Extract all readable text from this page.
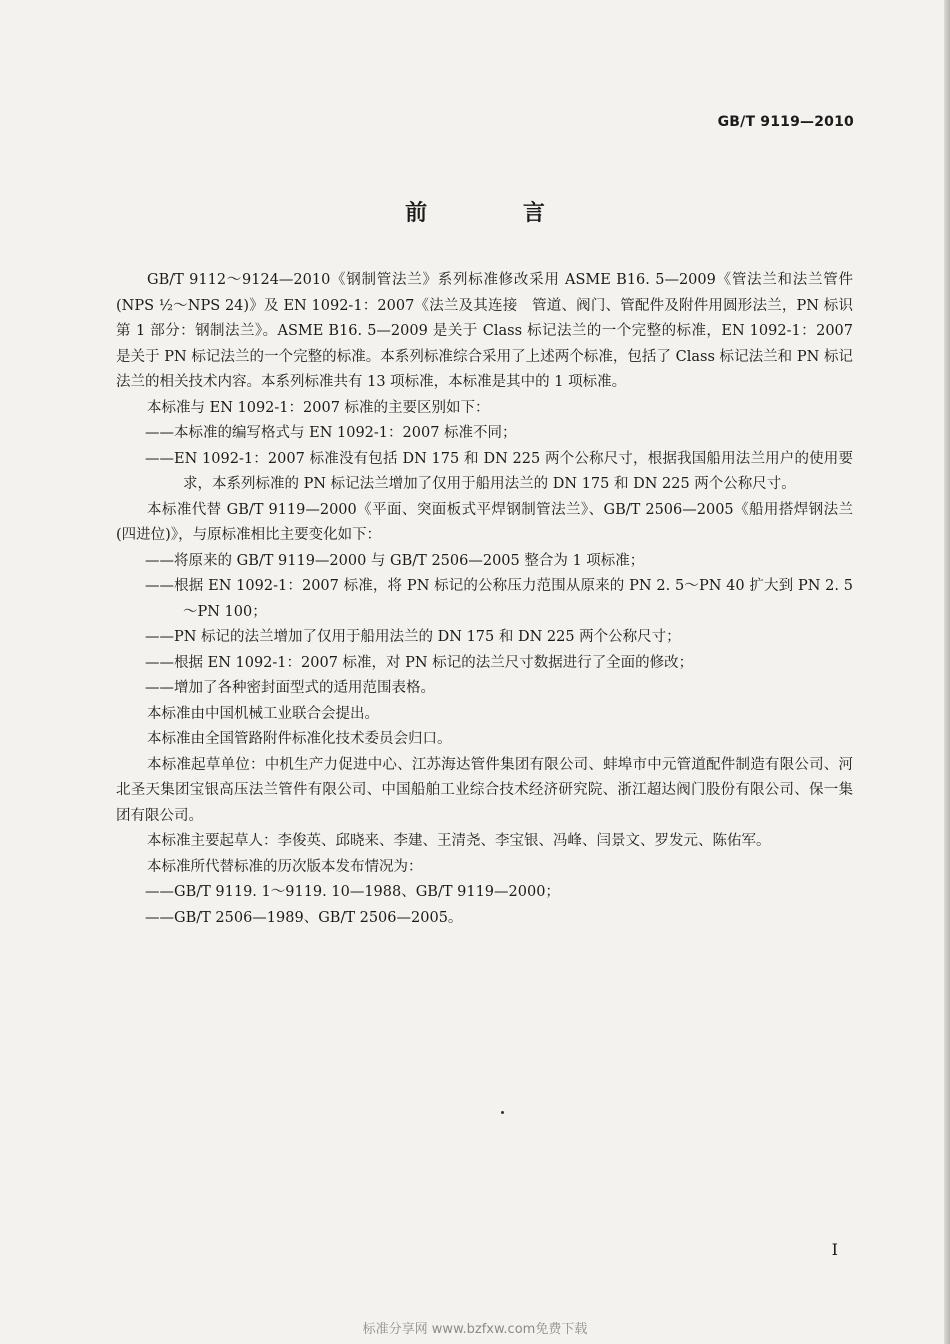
GB/T 9119—2010
前 言

GB/T 9112～9124—2010《钢制管法兰》系列标准修改采用 ASME B16. 5—2009《管法兰和法兰管件(NPS ½～NPS 24)》及 EN 1092-1：2007《法兰及其连接　管道、阀门、管配件及附件用圆形法兰，PN 标识第 1 部分：钢制法兰》。ASME B16. 5—2009 是关于 Class 标记法兰的一个完整的标准，EN 1092-1：2007 是关于 PN 标记法兰的一个完整的标准。本系列标准综合采用了上述两个标准，包括了 Class 标记法兰和 PN 标记法兰的相关技术内容。本系列标准共有 13 项标准，本标准是其中的 1 项标准。

本标准与 EN 1092-1：2007 标准的主要区别如下：

——本标准的编写格式与 EN 1092-1：2007 标准不同；

——EN 1092-1：2007 标准没有包括 DN 175 和 DN 225 两个公称尺寸，根据我国船用法兰用户的使用要求，本系列标准的 PN 标记法兰增加了仅用于船用法兰的 DN 175 和 DN 225 两个公称尺寸。

本标准代替 GB/T 9119—2000《平面、突面板式平焊钢制管法兰》、GB/T 2506—2005《船用搭焊钢法兰(四进位)》，与原标准相比主要变化如下：

——将原来的 GB/T 9119—2000 与 GB/T 2506—2005 整合为 1 项标准；

——根据 EN 1092-1：2007 标准，将 PN 标记的公称压力范围从原来的 PN 2. 5～PN 40 扩大到 PN 2. 5～PN 100；

——PN 标记的法兰增加了仅用于船用法兰的 DN 175 和 DN 225 两个公称尺寸；

——根据 EN 1092-1：2007 标准，对 PN 标记的法兰尺寸数据进行了全面的修改；

——增加了各种密封面型式的适用范围表格。

本标准由中国机械工业联合会提出。

本标准由全国管路附件标准化技术委员会归口。

本标准起草单位：中机生产力促进中心、江苏海达管件集团有限公司、蚌埠市中元管道配件制造有限公司、河北圣天集团宝银高压法兰管件有限公司、中国船舶工业综合技术经济研究院、浙江超达阀门股份有限公司、保一集团有限公司。

本标准主要起草人：李俊英、邱晓来、李建、王清尧、李宝银、冯峰、闫景文、罗发元、陈佑军。

本标准所代替标准的历次版本发布情况为：

——GB/T 9119. 1～9119. 10—1988、GB/T 9119—2000；

——GB/T 2506—1989、GB/T 2506—2005。

I
标准分享网 www.bzfxw.com免费下载
